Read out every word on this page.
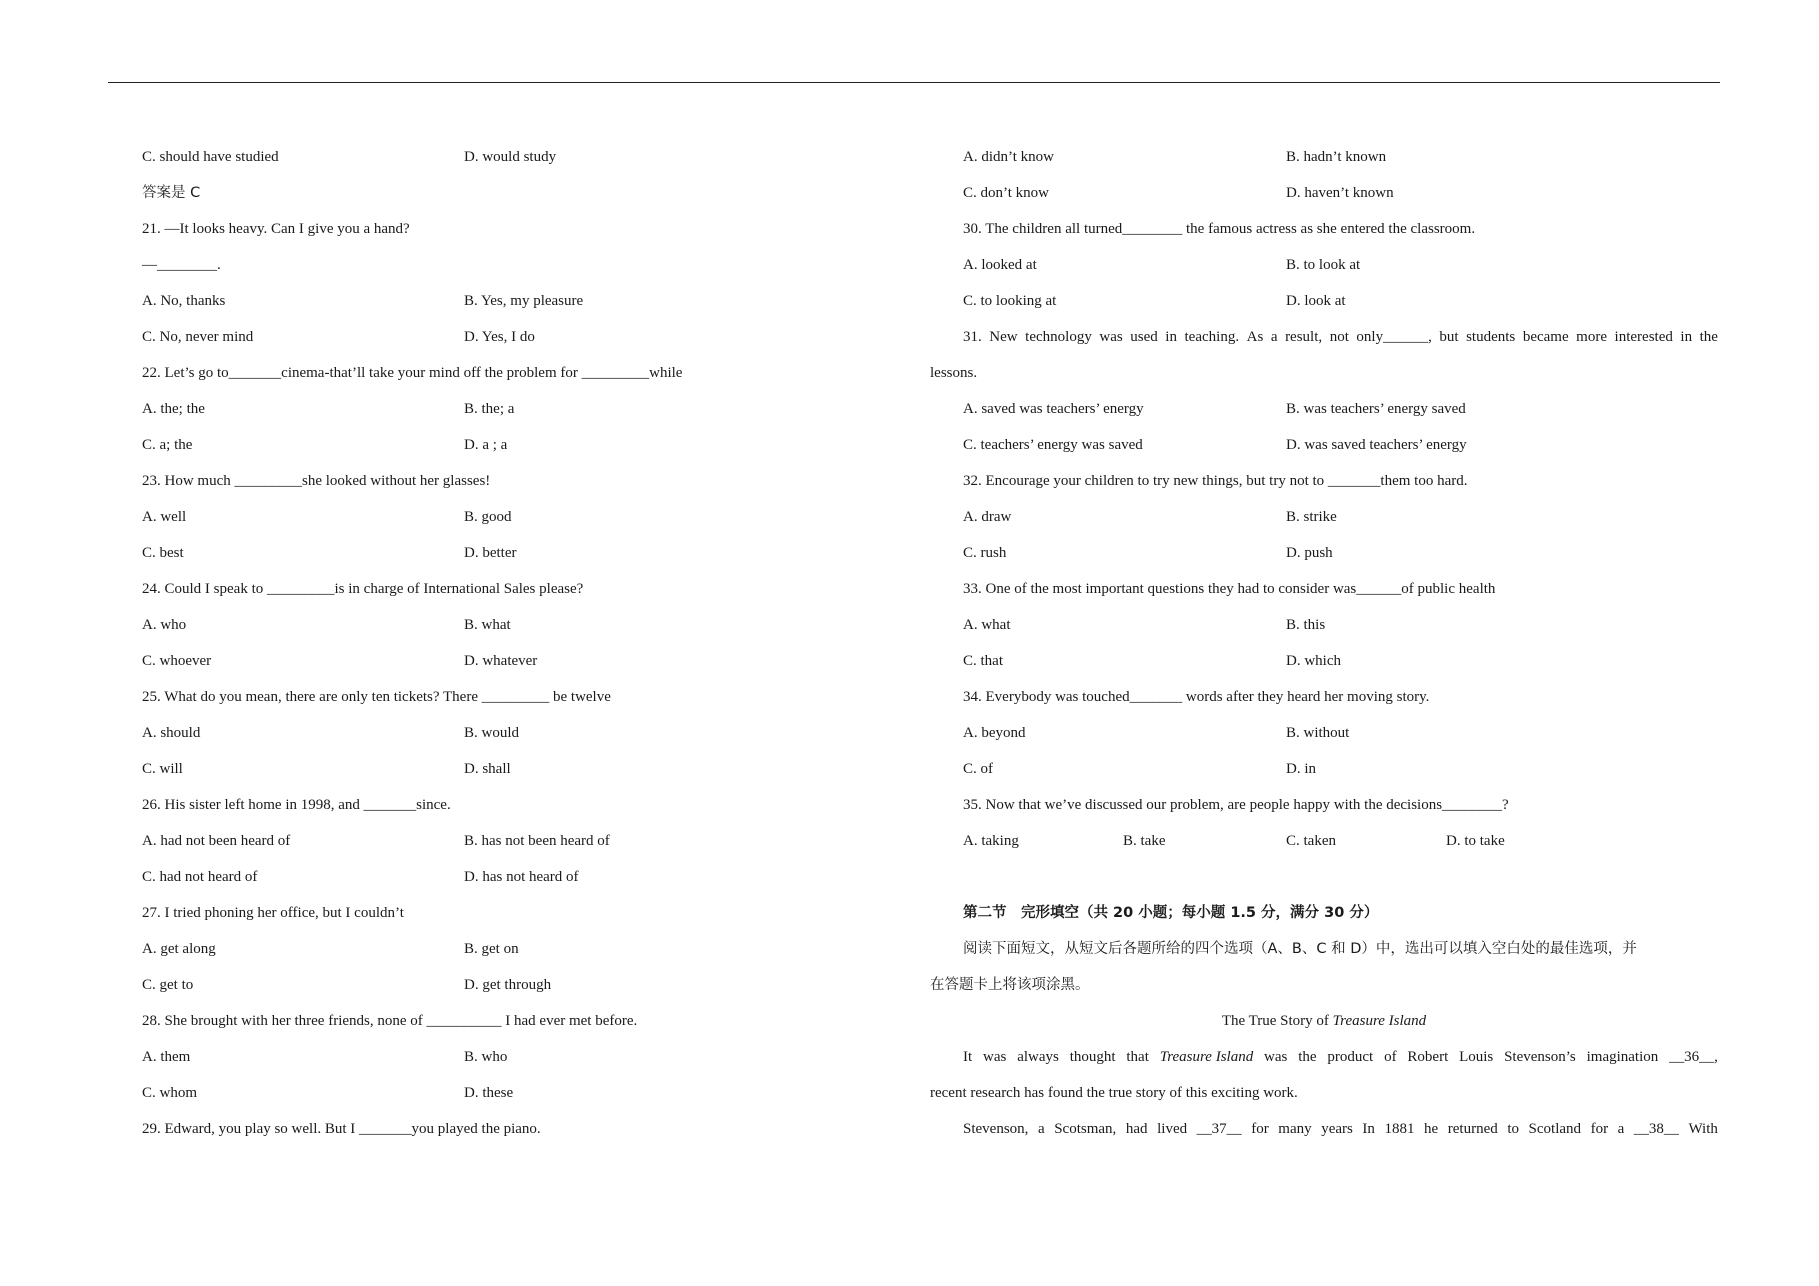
C. should have studied	D. would study
答案是 C
21. —It looks heavy. Can I give you a hand?
—________.
A. No, thanks	B. Yes, my pleasure
C. No, never mind	D. Yes, I do
22. Let’s go to_______cinema-that’ll take your mind off the problem for _________while
A. the; the	B. the; a
C. a; the	D. a ; a
23. How much _________she looked without her glasses!
A. well	B. good
C. best	D. better
24. Could I speak to _________is in charge of International Sales please?
A. who	B. what
C. whoever	D. whatever
25. What do you mean, there are only ten tickets? There _________ be twelve
A. should	B. would
C. will	D. shall
26. His sister left home in 1998, and _______since.
A. had not been heard of	B. has not been heard of
C. had not heard of	D. has not heard of
27. I tried phoning her office, but I couldn’t
A. get along	B. get on
C. get to	D. get through
28. She brought with her three friends, none of __________ I had ever met before.
A. them	B. who
C. whom	D. these
29. Edward, you play so well. But I _______you played the piano.
A. didn’t know	B. hadn’t known
C. don’t know	D. haven’t known
30. The children all turned________ the famous actress as she entered the classroom.
A. looked at	B. to look at
C. to looking at	D. look at
31. New technology was used in teaching. As a result, not only______, but students became more interested in the
lessons.
A. saved was teachers’ energy	B. was teachers’ energy saved
C. teachers’ energy was saved	D. was saved teachers’ energy
32. Encourage your children to try new things, but try not to _______them too hard.
A. draw	B. strike
C. rush	D. push
33. One of the most important questions they had to consider was______of public health
A. what	B. this
C. that	D. which
34. Everybody was touched_______ words after they heard her moving story.
A. beyond	B. without
C. of	D. in
35. Now that we’ve discussed our problem, are people happy with the decisions________?
A. taking	B. take	C. taken	D. to take
第二节　完形填空（共 20 小题；每小题 1.5 分，满分 30 分）
阅读下面短文，从短文后各题所给的四个选项（A、B、C 和 D）中，选出可以填入空白处的最佳选项，并
在答题卡上将该项涂黑。
The True Story of Treasure Island
It was always thought that Treasure Island was the product of Robert Louis Stevenson’s imagination __36__,
recent research has found the true story of this exciting work.
Stevenson, a Scotsman, had lived __37__ for many years In 1881 he returned to Scotland for a __38__ With
